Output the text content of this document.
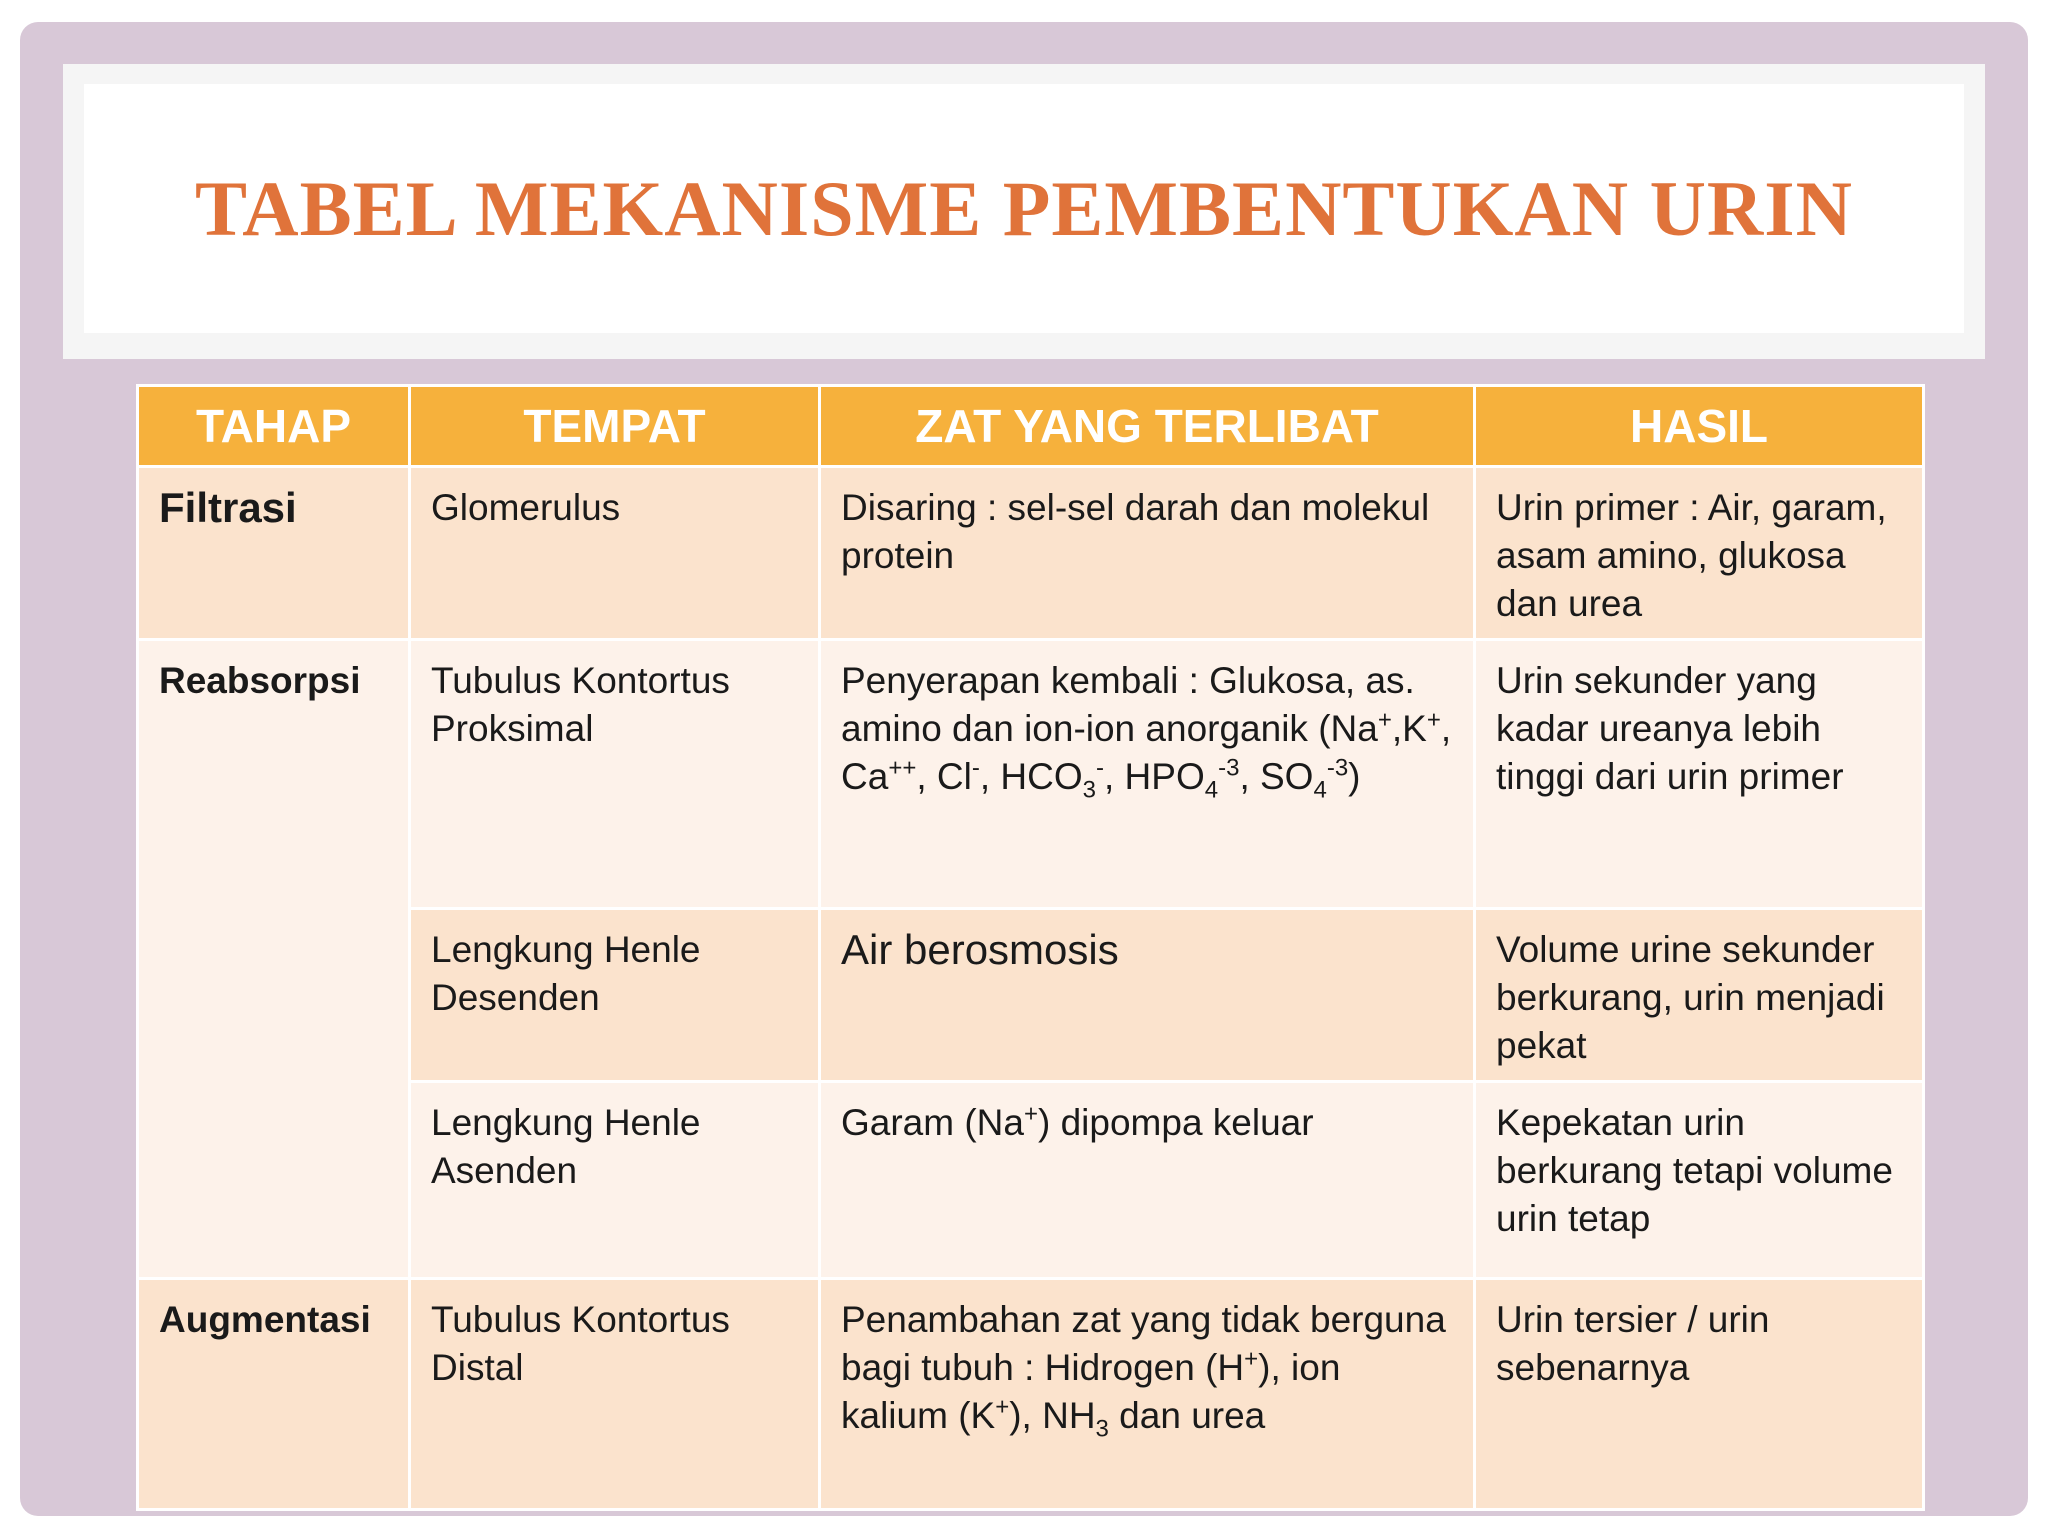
TABEL MEKANISME PEMBENTUKAN URIN
TAHAP	TEMPAT	ZAT YANG TERLIBAT	HASIL

Filtrasi	Glomerulus	Disaring : sel-sel darah dan molekul protein	Urin primer : Air, garam, asam amino, glukosa dan urea

Reabsorpsi	Tubulus Kontortus Proksimal	Penyerapan kembali : Glukosa, as. amino dan ion-ion anorganik (Na+,K+, Ca++, Cl-, $HCO_3^-$, $HPO_4^{-3}$, $SO_4^{-3}$)	Urin sekunder yang kadar ureanya lebih tinggi dari urin primer

	Lengkung Henle Desenden	Air berosmosis	Volume urine sekunder berkurang, urin menjadi pekat

	Lengkung Henle Asenden	Garam (Na+) dipompa keluar	Kepekatan urin berkurang tetapi volume urin tetap

Augmentasi	Tubulus Kontortus Distal	Penambahan zat yang tidak berguna bagi tubuh : Hidrogen (H+), ion kalium (K+), $NH_3$ dan urea	Urin tersier / urin sebenarnya
